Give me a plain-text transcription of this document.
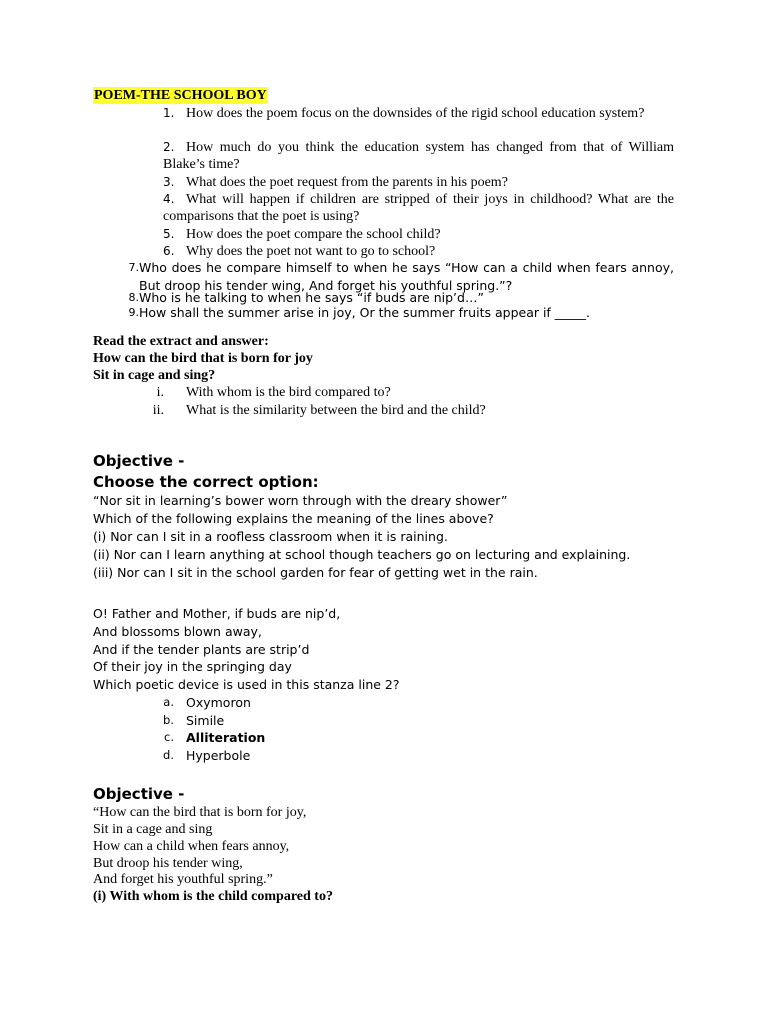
POEM-THE SCHOOL BOY
1. How does the poem focus on the downsides of the rigid school education system?
2. How much do you think the education system has changed from that of William Blake’s time?
3. What does the poet request from the parents in his poem?
4. What will happen if children are stripped of their joys in childhood? What are the comparisons that the poet is using?
5. How does the poet compare the school child?
6. Why does the poet not want to go to school?
7. Who does he compare himself to when he says “How can a child when fears annoy, But droop his tender wing, And forget his youthful spring.”?
8. Who is he talking to when he says “if buds are nip’d…”
9. How shall the summer arise in joy, Or the summer fruits appear if _____.
Read the extract and answer:
How can the bird that is born for joy
Sit in cage and sing?
i. With whom is the bird compared to?
ii. What is the similarity between the bird and the child?
Objective -
Choose the correct option:
“Nor sit in learning’s bower worn through with the dreary shower”
Which of the following explains the meaning of the lines above?
(i) Nor can I sit in a roofless classroom when it is raining.
(ii) Nor can I learn anything at school though teachers go on lecturing and explaining.
(iii) Nor can I sit in the school garden for fear of getting wet in the rain.
O! Father and Mother, if buds are nip’d,
And blossoms blown away,
And if the tender plants are strip’d
Of their joy in the springing day
Which poetic device is used in this stanza line 2?
a. Oxymoron
b. Simile
c. Alliteration
d. Hyperbole
Objective -
“How can the bird that is born for joy,
Sit in a cage and sing
How can a child when fears annoy,
But droop his tender wing,
And forget his youthful spring.”
(i) With whom is the child compared to?
